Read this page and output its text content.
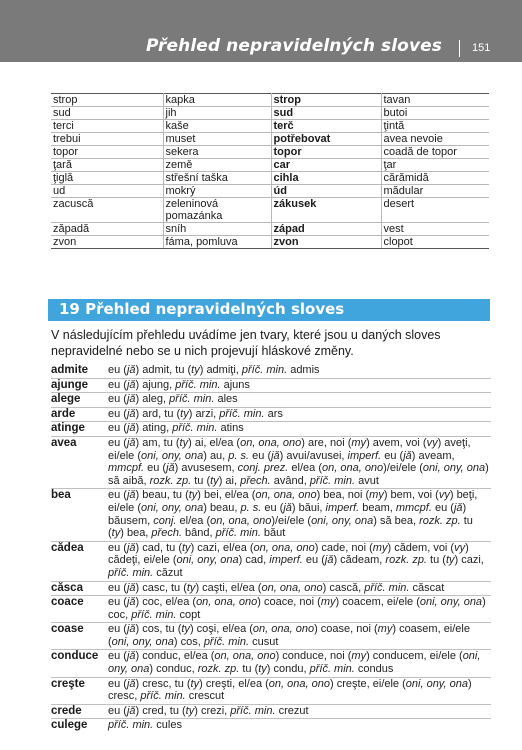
Přehled nepravidelných sloves	151
strop	kapka	strop	tavan
sud	jih	sud	butoi
terci	kaše	terč	ţintă
trebui	muset	potřebovat	avea nevoie
topor	sekera	topor	coadă de topor
ţară	země	car	ţar
ţiglă	střešní taška	cihla	cărămidă
ud	mokrý	úd	mădular
zacuscă	zeleninová pomazánka	zákusek	desert
zăpadă	sníh	západ	vest
zvon	fáma, pomluva	zvon	clopot
19 Přehled nepravidelných sloves
V následujícím přehledu uvádíme jen tvary, které jsou u daných sloves nepravidelné nebo se u nich projevují hláskové změny.
admite	eu (jă) admit, tu (ty) admiţi, příč. min. admis
ajunge	eu (jă) ajung, příč. min. ajuns
alege	eu (jă) aleg, příč. min. ales
arde	eu (jă) ard, tu (ty) arzi, příč. min. ars
atinge	eu (jă) ating, příč. min. atins
avea	eu (jă) am, tu (ty) ai, el/ea (on, ona, ono) are, noi (my) avem, voi (vy) aveţi, ei/ele (oni, ony, ona) au, p. s. eu (jă) avui/avusei, imperf. eu (jă) aveam, mmcpf. eu (jă) avusesem, conj. prez. el/ea (on, ona, ono)/ei/ele (oni, ony, ona) să aibă, rozk. zp. tu (ty) ai, přech. având, příč. min. avut
bea	eu (jă) beau, tu (ty) bei, el/ea (on, ona, ono) bea, noi (my) bem, voi (vy) beţi, ei/ele (oni, ony, ona) beau, p. s. eu (jă) băui, imperf. beam, mmcpf. eu (jă) băusem, conj. el/ea (on, ona, ono)/ei/ele (oni, ony, ona) să bea, rozk. zp. tu (ty) bea, přech. bând, příč. min. băut
cădea	eu (jă) cad, tu (ty) cazi, el/ea (on, ona, ono) cade, noi (my) cădem, voi (vy) cădeţi, ei/ele (oni, ony, ona) cad, imperf. eu (jă) cădeam, rozk. zp. tu (ty) cazi, příč. min. căzut
căsca	eu (jă) casc, tu (ty) caşti, el/ea (on, ona, ono) cască, příč. min. căscat
coace	eu (jă) coc, el/ea (on, ona, ono) coace, noi (my) coacem, ei/ele (oni, ony, ona) coc, příč. min. copt
coase	eu (jă) cos, tu (ty) coşi, el/ea (on, ona, ono) coase, noi (my) coasem, ei/ele (oni, ony, ona) cos, příč. min. cusut
conduce	eu (jă) conduc, el/ea (on, ona, ono) conduce, noi (my) conducem, ei/ele (oni, ony, ona) conduc, rozk. zp. tu (ty) condu, příč. min. condus
creşte	eu (jă) cresc, tu (ty) creşti, el/ea (on, ona, ono) creşte, ei/ele (oni, ony, ona) cresc, příč. min. crescut
crede	eu (jă) cred, tu (ty) crezi, příč. min. crezut
culege	příč. min. cules
